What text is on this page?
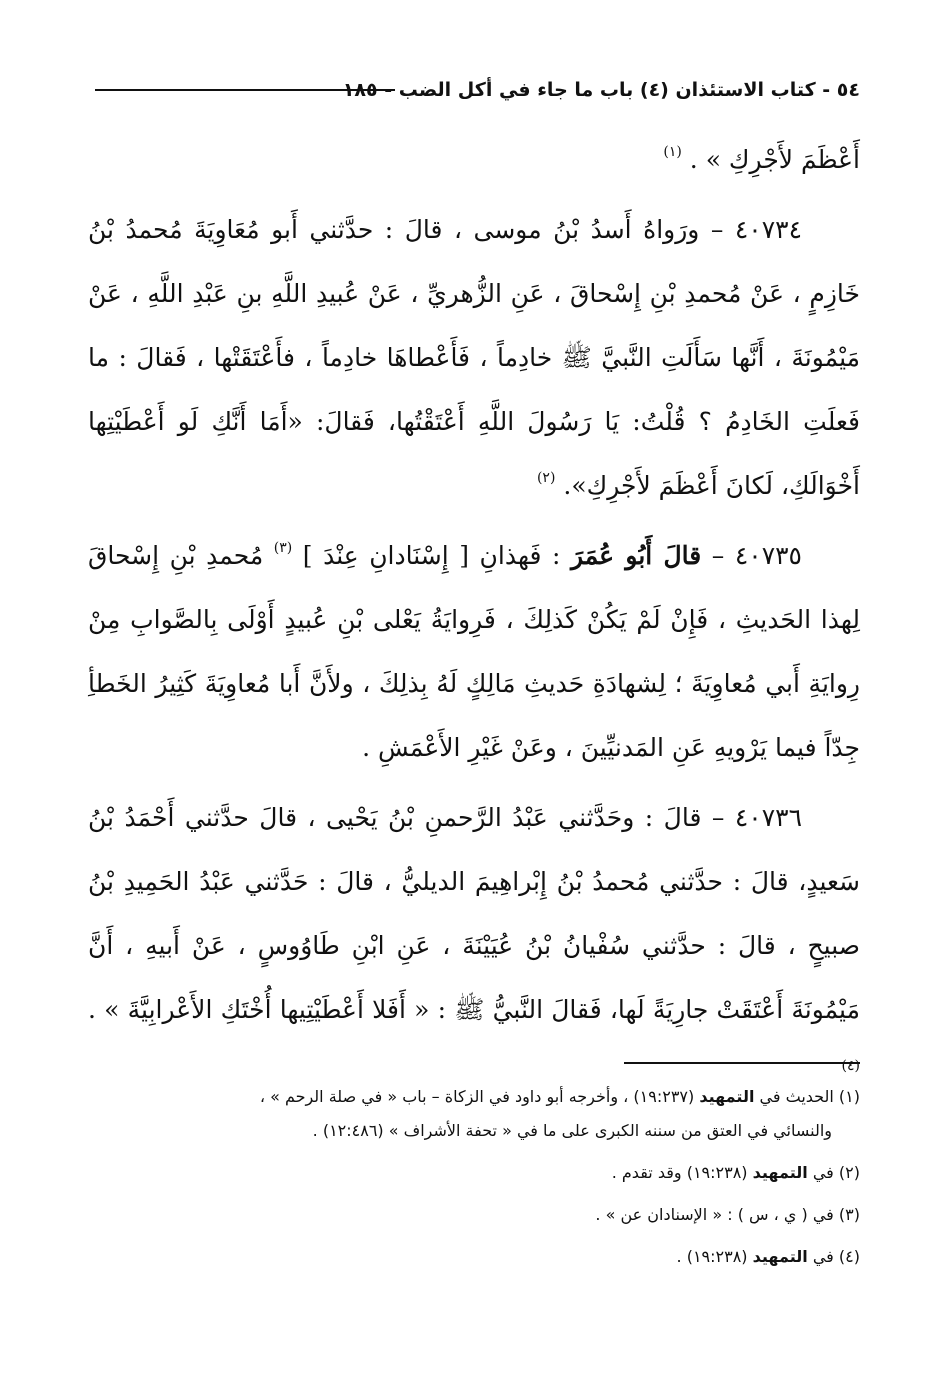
٥٤ - كتاب الاستئذان (٤) باب ما جاء في أكل الضب - ١٨٥

أَعْظَمَ لأَجْرِكِ » . $^{(١)}$

٤٠٧٣٤ – ورَواهُ أَسدُ بْنُ موسى ، قالَ : حدَّثني أَبو مُعَاوِيَةَ مُحمدُ بْنُ خَازِمٍ ، عَنْ مُحمدِ بْنِ إِسْحاقَ ، عَنِ الزُّهريِّ ، عَنْ عُبيدِ اللَّهِ بنِ عَبْدِ اللَّهِ ، عَنْ مَيْمُونَةَ ، أَنَّها سَأَلَتِ النَّبيَّ ﷺ خادِماً ، فَأَعْطاهَا خادِماً ، فأَعْتَقَتْها ، فَقالَ : ما فَعلَتِ الخَادِمُ ؟ قُلْتُ: يَا رَسُولَ اللَّهِ أَعْتَقْتُها، فَقالَ: «أَمَا أَنَّكِ لَو أَعْطَيْتِها أَخْوَالَكِ، لَكانَ أَعْظَمَ لأَجْرِكِ». $^{(٢)}$

٤٠٧٣٥ – قالَ أَبُو عُمَرَ : فَهذانِ [ إِسْنَادانِ عِنْدَ ] $^{(٣)}$ مُحمدِ بْنِ إِسْحاقَ لِهذا الحَديثِ ، فَإِنْ لَمْ يَكُنْ كَذلِكَ ، فَرِوايَةُ يَعْلى بْنِ عُبيدٍ أَوْلَى بِالصَّوابِ مِنْ رِوايَةِ أَبي مُعاوِيَةَ ؛ لِشهادَةِ حَديثِ مَالِكٍ لَهُ بِذلِكَ ، ولأَنَّ أَبا مُعاوِيَةَ كَثِيرُ الخَطأِ جِدّاً فيما يَرْويهِ عَنِ المَدنيِّينَ ، وعَنْ غَيْرِ الأَعْمَشِ .

٤٠٧٣٦ – قالَ : وحَدَّثني عَبْدُ الرَّحمنِ بْنُ يَحْيى ، قالَ حدَّثني أَحْمَدُ بْنُ سَعيدٍ، قالَ : حدَّثني مُحمدُ بْنُ إِبْراهِيمَ الديليُّ ، قالَ : حَدَّثني عَبْدُ الحَمِيدِ بْنُ صبيحٍ ، قالَ : حدَّثني سُفْيانُ بْنُ عُيَيْنَةَ ، عَنِ ابْنِ طَاوُوسٍ ، عَنْ أَبيهِ ، أَنَّ مَيْمُونَةَ أَعْتَقَتْ جارِيَةً لَها، فَقالَ النَّبيُّ ﷺ : « أَفَلا أَعْطَيْتِيها أُخْتَكِ الأَعْرابِيَّةَ » . $^{(٤)}$

(١) الحديث في التمهيد (١٩:٢٣٧) ، وأخرجه أبو داود في الزكاة – باب « في صلة الرحم » ،
والنسائي في العتق من سننه الكبرى على ما في « تحفة الأشراف » (١٢:٤٨٦) .

(٢) في التمهيد (١٩:٢٣٨) وقد تقدم .

(٣) في ( ي ، س ) : « الإسنادان عن » .

(٤) في التمهيد (١٩:٢٣٨) .
